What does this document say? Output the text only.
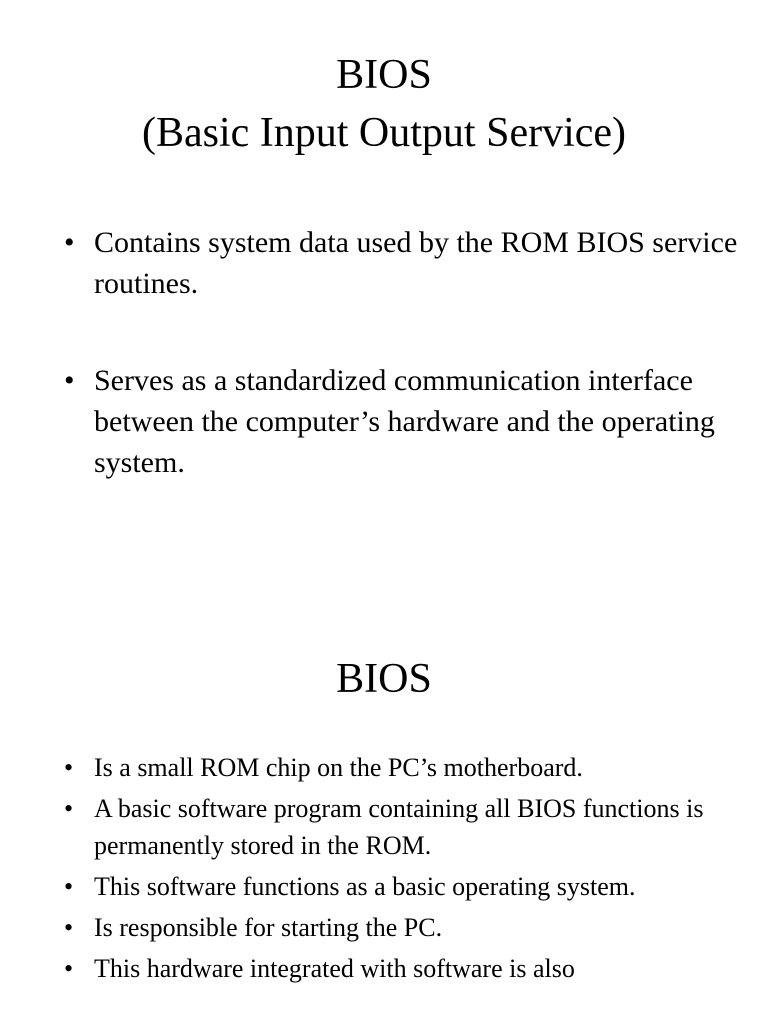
BIOS
(Basic Input Output Service)
• Contains system data used by the ROM BIOS service routines.
• Serves as a standardized communication interface between the computer’s hardware and the operating system.
BIOS
• Is a small ROM chip on the PC’s motherboard.
• A basic software program containing all BIOS functions is permanently stored in the ROM.
• This software functions as a basic operating system.
• Is responsible for starting the PC.
• This hardware integrated with software is also
